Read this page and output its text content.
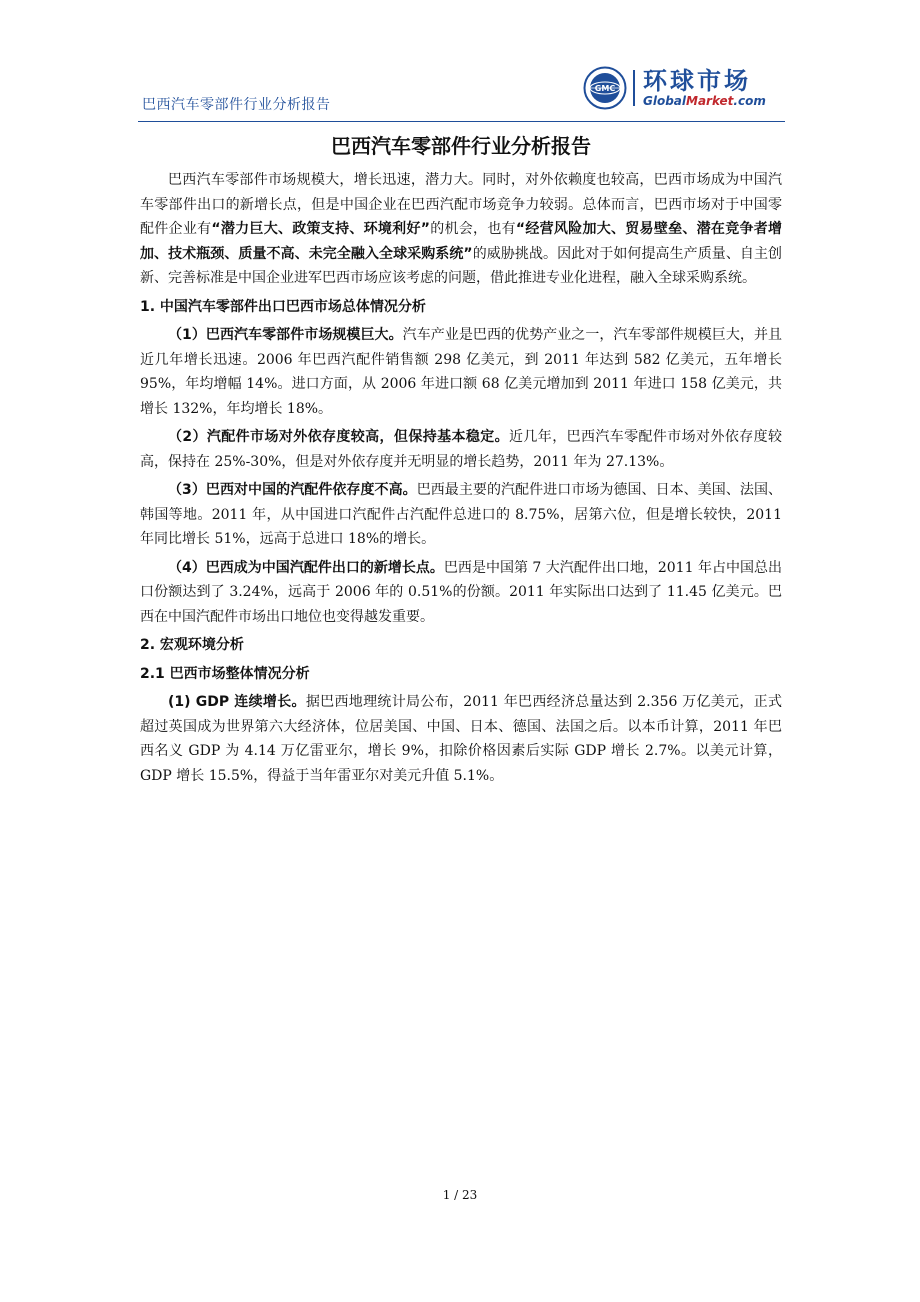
巴西汽车零部件行业分析报告
GMC 环球市场
GlobalMarket.com
巴西汽车零部件行业分析报告

巴西汽车零部件市场规模大，增长迅速，潜力大。同时，对外依赖度也较高，巴西市场成为中国汽车零部件出口的新增长点，但是中国企业在巴西汽配市场竞争力较弱。总体而言，巴西市场对于中国零配件企业有“潜力巨大、政策支持、环境利好”的机会，也有“经营风险加大、贸易壁垒、潜在竞争者增加、技术瓶颈、质量不高、未完全融入全球采购系统”的威胁挑战。因此对于如何提高生产质量、自主创新、完善标准是中国企业进军巴西市场应该考虑的问题，借此推进专业化进程，融入全球采购系统。

1. 中国汽车零部件出口巴西市场总体情况分析

（1）巴西汽车零部件市场规模巨大。汽车产业是巴西的优势产业之一，汽车零部件规模巨大，并且近几年增长迅速。2006 年巴西汽配件销售额 298 亿美元，到 2011 年达到 582 亿美元，五年增长 95%，年均增幅 14%。进口方面，从 2006 年进口额 68 亿美元增加到 2011 年进口 158 亿美元，共增长 132%，年均增长 18%。

（2）汽配件市场对外依存度较高，但保持基本稳定。近几年，巴西汽车零配件市场对外依存度较高，保持在 25%-30%，但是对外依存度并无明显的增长趋势，2011 年为 27.13%。

（3）巴西对中国的汽配件依存度不高。巴西最主要的汽配件进口市场为德国、日本、美国、法国、韩国等地。2011 年，从中国进口汽配件占汽配件总进口的 8.75%，居第六位，但是增长较快，2011 年同比增长 51%，远高于总进口 18%的增长。

（4）巴西成为中国汽配件出口的新增长点。巴西是中国第 7 大汽配件出口地，2011 年占中国总出口份额达到了 3.24%，远高于 2006 年的 0.51%的份额。2011 年实际出口达到了 11.45 亿美元。巴西在中国汽配件市场出口地位也变得越发重要。

2. 宏观环境分析

2.1 巴西市场整体情况分析

(1) GDP 连续增长。据巴西地理统计局公布，2011 年巴西经济总量达到 2.356 万亿美元，正式超过英国成为世界第六大经济体，位居美国、中国、日本、德国、法国之后。以本币计算，2011 年巴西名义 GDP 为 4.14 万亿雷亚尔，增长 9%，扣除价格因素后实际 GDP 增长 2.7%。以美元计算， GDP 增长 15.5%，得益于当年雷亚尔对美元升值 5.1%。

1 / 23
